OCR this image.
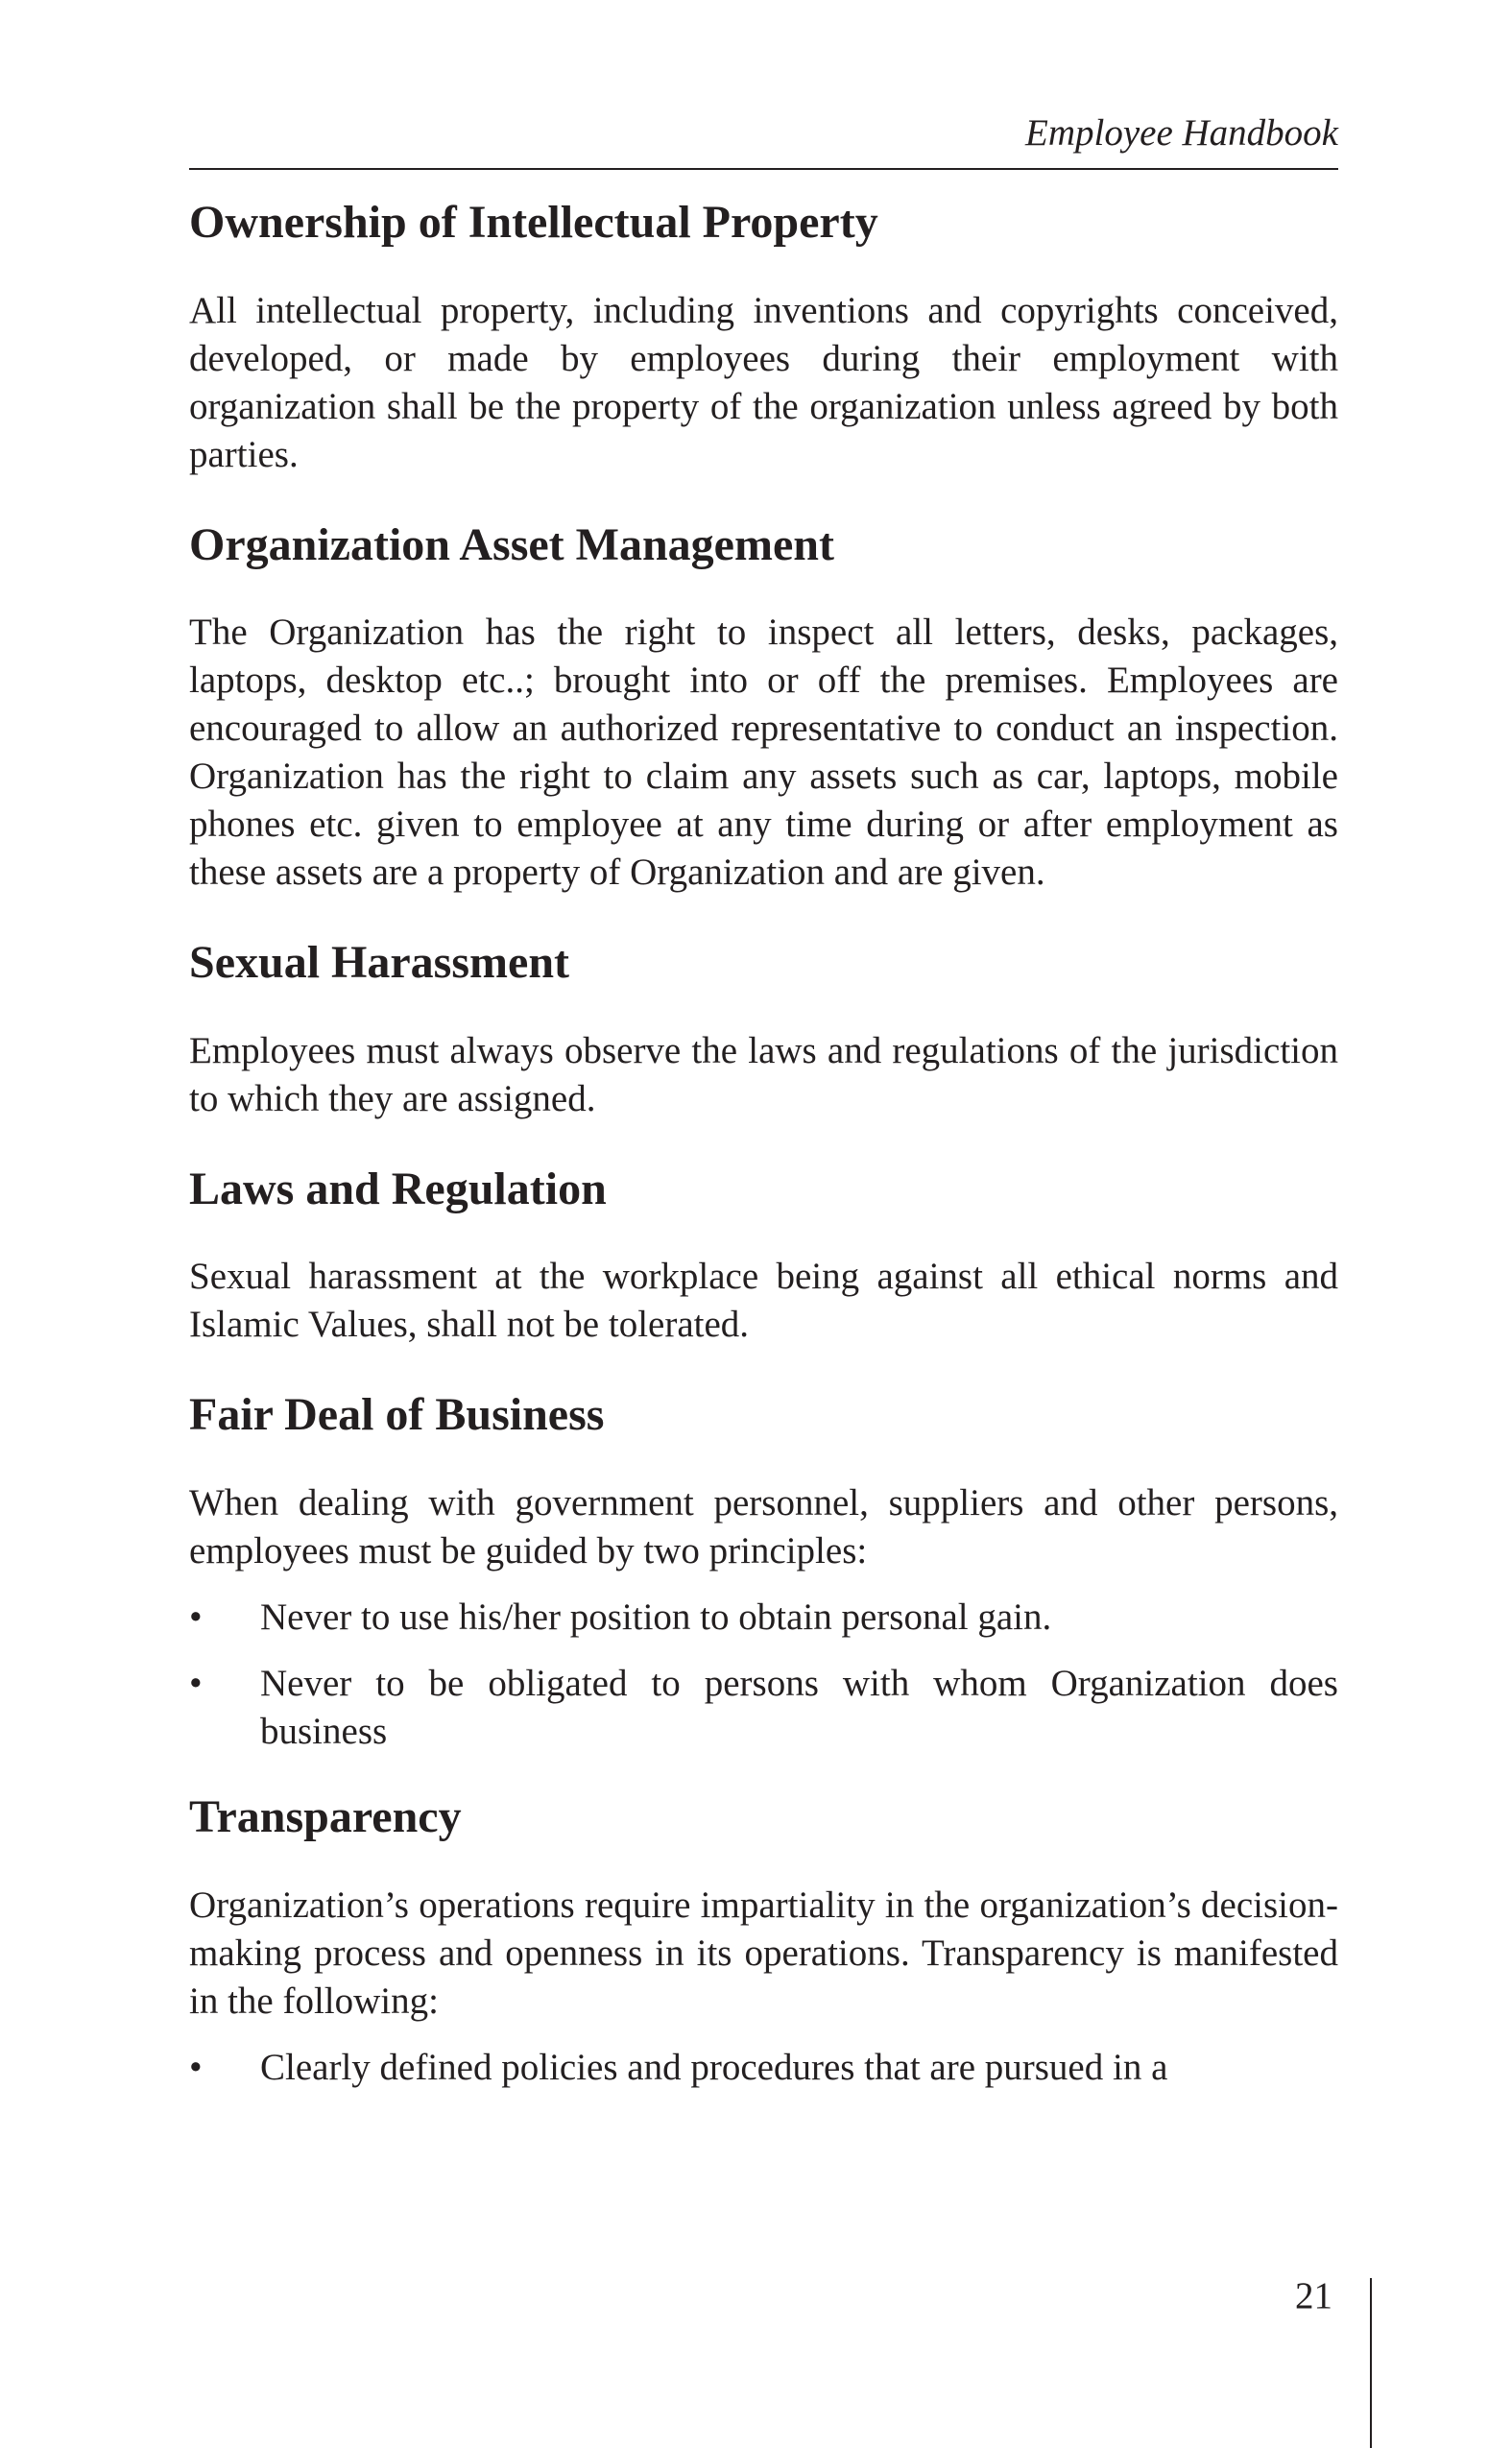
Employee Handbook
Ownership of Intellectual Property

All intellectual property, including inventions and copyrights conceived, developed, or made by employees during their employment with organization shall be the property of the organization unless agreed by both parties.

Organization Asset Management

The Organization has the right to inspect all letters, desks, packages, laptops, desktop etc..; brought into or off the premises. Employees are encouraged to allow an authorized representative to conduct an inspection. Organization has the right to claim any assets such as car, laptops, mobile phones etc. given to employee at any time during or after employment as these assets are a property of Organization and are given.

Sexual Harassment

Employees must always observe the laws and regulations of the jurisdiction to which they are assigned.

Laws and Regulation

Sexual harassment at the workplace being against all ethical norms and Islamic Values, shall not be tolerated.

Fair Deal of Business

When dealing with government personnel, suppliers and other persons, employees must be guided by two principles:

• Never to use his/her position to obtain personal gain.
• Never to be obligated to persons with whom Organization does business
Transparency

Organization’s operations require impartiality in the organization’s decision-making process and openness in its operations. Transparency is manifested in the following:

• Clearly defined policies and procedures that are pursued in a
21
